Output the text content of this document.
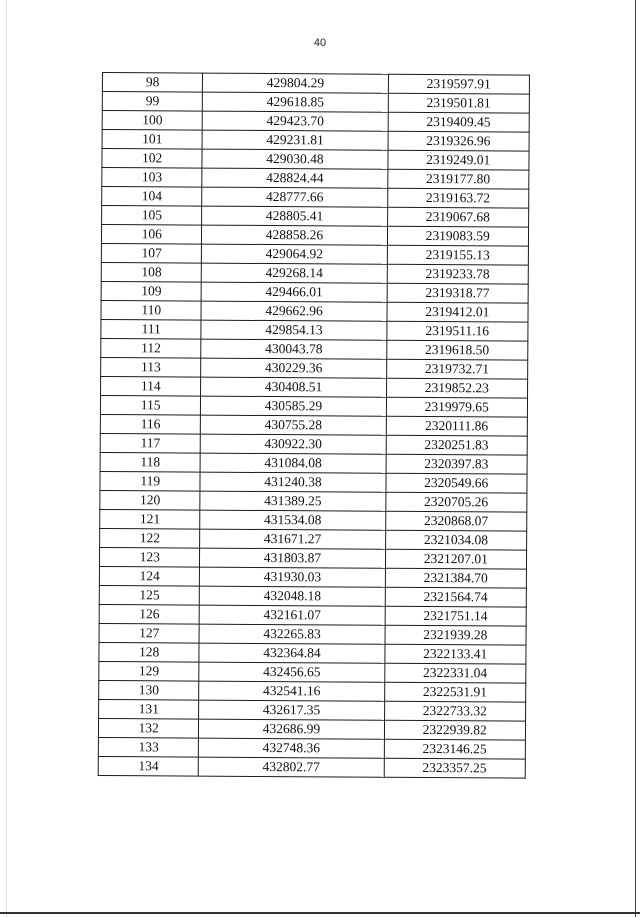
40
98	429804.29	2319597.91
99	429618.85	2319501.81
100	429423.70	2319409.45
101	429231.81	2319326.96
102	429030.48	2319249.01
103	428824.44	2319177.80
104	428777.66	2319163.72
105	428805.41	2319067.68
106	428858.26	2319083.59
107	429064.92	2319155.13
108	429268.14	2319233.78
109	429466.01	2319318.77
110	429662.96	2319412.01
111	429854.13	2319511.16
112	430043.78	2319618.50
113	430229.36	2319732.71
114	430408.51	2319852.23
115	430585.29	2319979.65
116	430755.28	2320111.86
117	430922.30	2320251.83
118	431084.08	2320397.83
119	431240.38	2320549.66
120	431389.25	2320705.26
121	431534.08	2320868.07
122	431671.27	2321034.08
123	431803.87	2321207.01
124	431930.03	2321384.70
125	432048.18	2321564.74
126	432161.07	2321751.14
127	432265.83	2321939.28
128	432364.84	2322133.41
129	432456.65	2322331.04
130	432541.16	2322531.91
131	432617.35	2322733.32
132	432686.99	2322939.82
133	432748.36	2323146.25
134	432802.77	2323357.25
